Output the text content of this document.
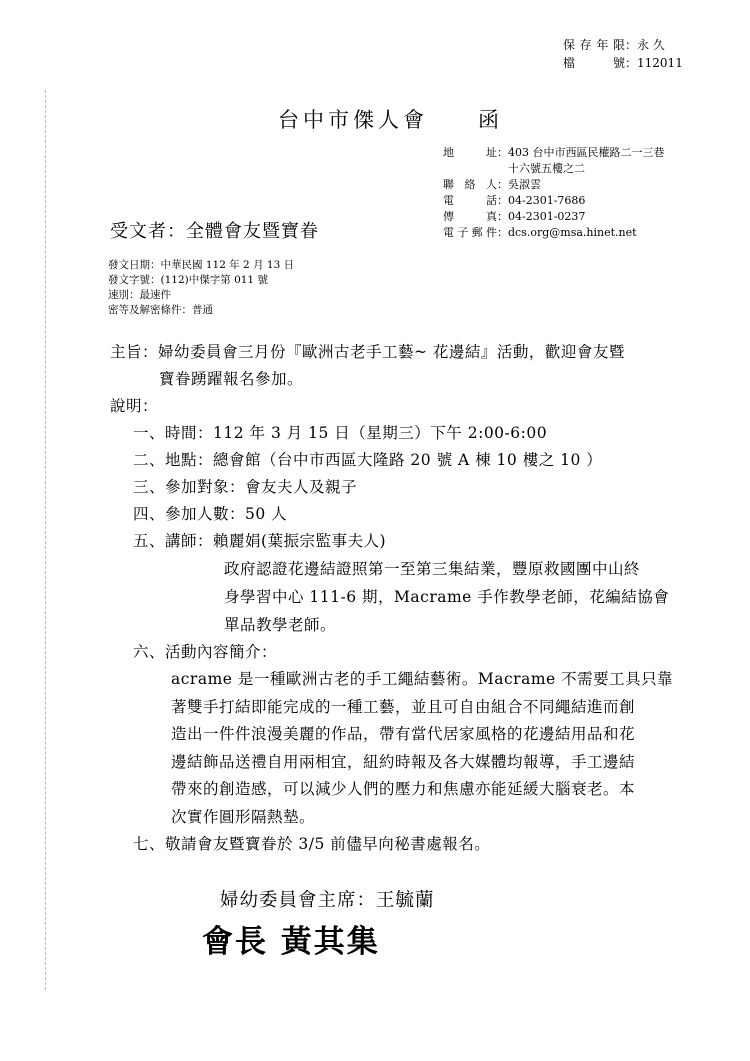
保存年限 ： 永 久
檔　號 ： 112011
台中市傑人會　　函
地　址 ： 403 台中市西區民權路二一三巷
十六號五樓之二
聯絡人 ： 吳淑雲
電　話 ： 04-2301-7686
傳　真 ： 04-2301-0237
電子郵件 ： dcs.org@msa.hinet.net
受文者：全體會友暨寶眷
發文日期：中華民國 112 年 2 月 13 日
發文字號：(112)中傑字第 011 號
速別：最速件
密等及解密條件：普通
主旨：婦幼委員會三月份『歐洲古老手工藝~ 花邊結』活動，歡迎會友暨
寶眷踴躍報名參加。
說明：
一、時間：112 年 3 月 15 日（星期三）下午 2:00-6:00
二、地點：總會館（台中市西區大隆路 20 號 A 棟 10 樓之 10 ）
三、參加對象：會友夫人及親子
四、參加人數：50 人
五、講師：賴麗娟(葉振宗監事夫人)
政府認證花邊結證照第一至第三集結業，豐原救國團中山終
身學習中心 111-6 期，Macrame 手作教學老師，花編結協會
單品教學老師。
六、活動內容簡介：
acrame 是一種歐洲古老的手工繩結藝術。Macrame 不需要工具只靠
著雙手打結即能完成的一種工藝，並且可自由組合不同繩結進而創
造出一件件浪漫美麗的作品，帶有當代居家風格的花邊結用品和花
邊結飾品送禮自用兩相宜，紐約時報及各大媒體均報導，手工邊結
帶來的創造感，可以減少人們的壓力和焦慮亦能延緩大腦衰老。本
次實作圓形隔熱墊。
七、敬請會友暨寶眷於 3/5 前儘早向秘書處報名。
婦幼委員會主席：王毓蘭
會長 黃其集
